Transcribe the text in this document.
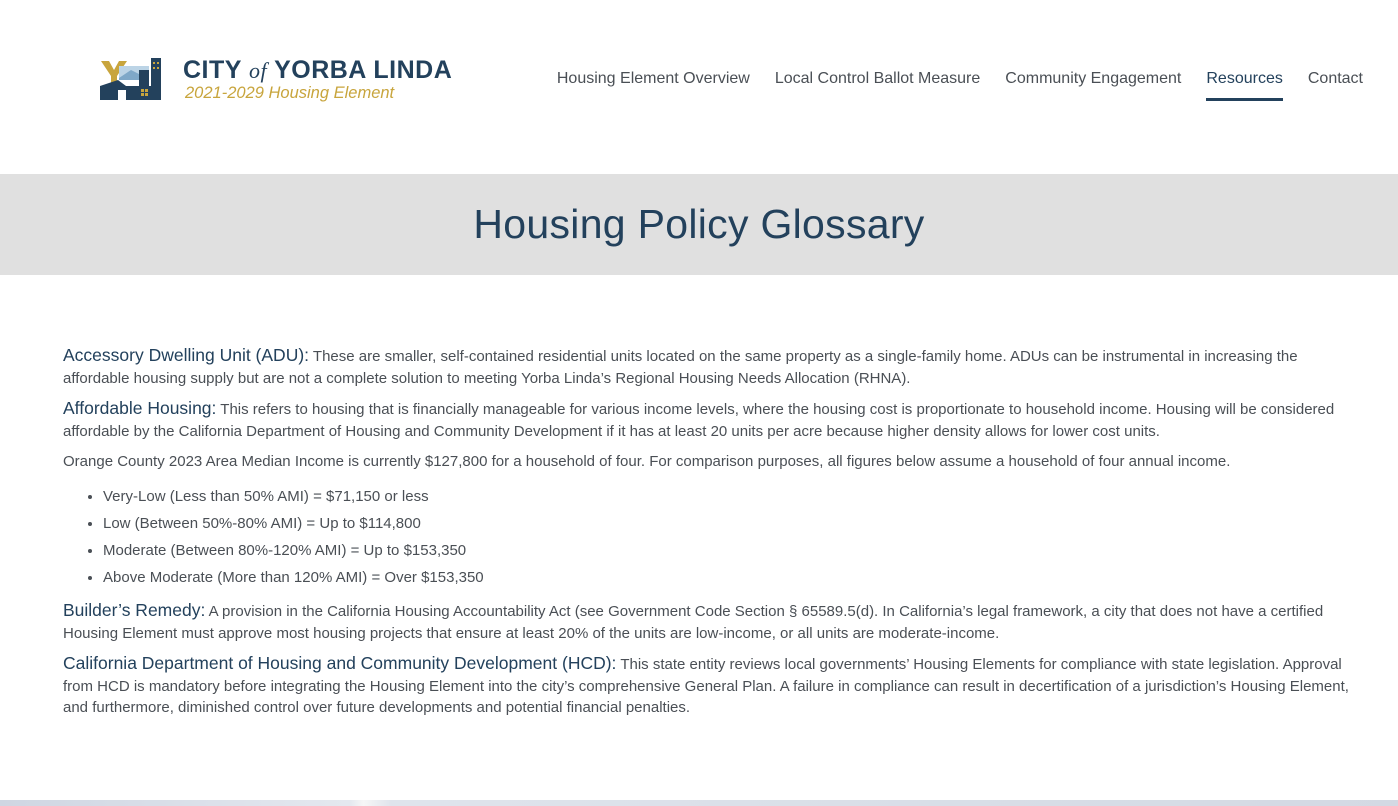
CITY of YORBA LINDA
2021-2029 Housing Element
Housing Element Overview Local Control Ballot Measure Community Engagement Resources Contact
Housing Policy Glossary

Accessory Dwelling Unit (ADU): These are smaller, self-contained residential units located on the same property as a single-family home. ADUs can be instrumental in increasing the affordable housing supply but are not a complete solution to meeting Yorba Linda’s Regional Housing Needs Allocation (RHNA).

Affordable Housing: This refers to housing that is financially manageable for various income levels, where the housing cost is proportionate to household income. Housing will be considered affordable by the California Department of Housing and Community Development if it has at least 20 units per acre because higher density allows for lower cost units.

Orange County 2023 Area Median Income is currently $127,800 for a household of four. For comparison purposes, all figures below assume a household of four annual income.

• Very-Low (Less than 50% AMI) = $71,150 or less
• Low (Between 50%-80% AMI) = Up to $114,800
• Moderate (Between 80%-120% AMI) = Up to $153,350
• Above Moderate (More than 120% AMI) = Over $153,350

Builder’s Remedy: A provision in the California Housing Accountability Act (see Government Code Section § 65589.5(d). In California’s legal framework, a city that does not have a certified Housing Element must approve most housing projects that ensure at least 20% of the units are low-income, or all units are moderate-income.

California Department of Housing and Community Development (HCD): This state entity reviews local governments’ Housing Elements for compliance with state legislation. Approval from HCD is mandatory before integrating the Housing Element into the city’s comprehensive General Plan. A failure in compliance can result in decertification of a jurisdiction’s Housing Element, and furthermore, diminished control over future developments and potential financial penalties.
